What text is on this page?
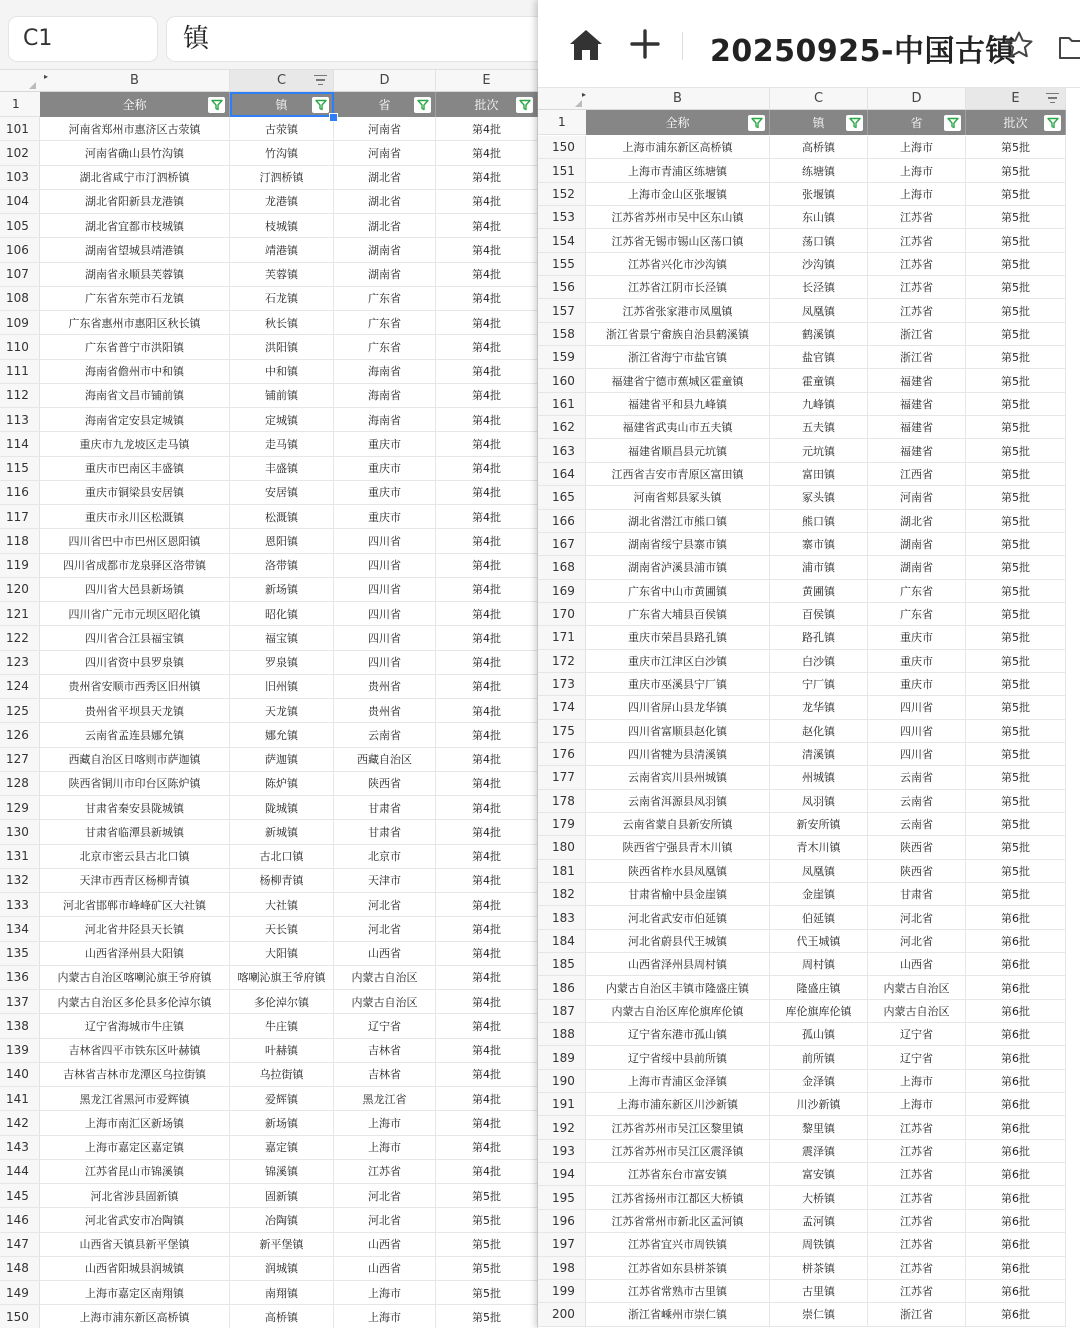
C1	镇
▸	B	C	D	E
1	全称	镇	省	批次
101	河南省郑州市惠济区古荥镇	古荥镇	河南省	第4批
102	河南省确山县竹沟镇	竹沟镇	河南省	第4批
103	湖北省咸宁市汀泗桥镇	汀泗桥镇	湖北省	第4批
104	湖北省阳新县龙港镇	龙港镇	湖北省	第4批
105	湖北省宜都市枝城镇	枝城镇	湖北省	第4批
106	湖南省望城县靖港镇	靖港镇	湖南省	第4批
107	湖南省永顺县芙蓉镇	芙蓉镇	湖南省	第4批
108	广东省东莞市石龙镇	石龙镇	广东省	第4批
109	广东省惠州市惠阳区秋长镇	秋长镇	广东省	第4批
110	广东省普宁市洪阳镇	洪阳镇	广东省	第4批
111	海南省儋州市中和镇	中和镇	海南省	第4批
112	海南省文昌市铺前镇	铺前镇	海南省	第4批
113	海南省定安县定城镇	定城镇	海南省	第4批
114	重庆市九龙坡区走马镇	走马镇	重庆市	第4批
115	重庆市巴南区丰盛镇	丰盛镇	重庆市	第4批
116	重庆市铜梁县安居镇	安居镇	重庆市	第4批
117	重庆市永川区松溉镇	松溉镇	重庆市	第4批
118	四川省巴中市巴州区恩阳镇	恩阳镇	四川省	第4批
119	四川省成都市龙泉驿区洛带镇	洛带镇	四川省	第4批
120	四川省大邑县新场镇	新场镇	四川省	第4批
121	四川省广元市元坝区昭化镇	昭化镇	四川省	第4批
122	四川省合江县福宝镇	福宝镇	四川省	第4批
123	四川省资中县罗泉镇	罗泉镇	四川省	第4批
124	贵州省安顺市西秀区旧州镇	旧州镇	贵州省	第4批
125	贵州省平坝县天龙镇	天龙镇	贵州省	第4批
126	云南省孟连县娜允镇	娜允镇	云南省	第4批
127	西藏自治区日喀则市萨迦镇	萨迦镇	西藏自治区	第4批
128	陕西省铜川市印台区陈炉镇	陈炉镇	陕西省	第4批
129	甘肃省秦安县陇城镇	陇城镇	甘肃省	第4批
130	甘肃省临潭县新城镇	新城镇	甘肃省	第4批
131	北京市密云县古北口镇	古北口镇	北京市	第4批
132	天津市西青区杨柳青镇	杨柳青镇	天津市	第4批
133	河北省邯郸市峰峰矿区大社镇	大社镇	河北省	第4批
134	河北省井陉县天长镇	天长镇	河北省	第4批
135	山西省泽州县大阳镇	大阳镇	山西省	第4批
136	内蒙古自治区喀喇沁旗王爷府镇	喀喇沁旗王爷府镇	内蒙古自治区	第4批
137	内蒙古自治区多伦县多伦淖尔镇	多伦淖尔镇	内蒙古自治区	第4批
138	辽宁省海城市牛庄镇	牛庄镇	辽宁省	第4批
139	吉林省四平市铁东区叶赫镇	叶赫镇	吉林省	第4批
140	吉林省吉林市龙潭区乌拉街镇	乌拉街镇	吉林省	第4批
141	黑龙江省黑河市爱辉镇	爱辉镇	黑龙江省	第4批
142	上海市南汇区新场镇	新场镇	上海市	第4批
143	上海市嘉定区嘉定镇	嘉定镇	上海市	第4批
144	江苏省昆山市锦溪镇	锦溪镇	江苏省	第4批
145	河北省涉县固新镇	固新镇	河北省	第5批
146	河北省武安市冶陶镇	冶陶镇	河北省	第5批
147	山西省天镇县新平堡镇	新平堡镇	山西省	第5批
148	山西省阳城县润城镇	润城镇	山西省	第5批
149	上海市嘉定区南翔镇	南翔镇	上海市	第5批
150	上海市浦东新区高桥镇	高桥镇	上海市	第5批
20250925-中国古镇
▸	B	C	D	E
1	全称	镇	省	批次
150	上海市浦东新区高桥镇	高桥镇	上海市	第5批
151	上海市青浦区练塘镇	练塘镇	上海市	第5批
152	上海市金山区张堰镇	张堰镇	上海市	第5批
153	江苏省苏州市吴中区东山镇	东山镇	江苏省	第5批
154	江苏省无锡市锡山区荡口镇	荡口镇	江苏省	第5批
155	江苏省兴化市沙沟镇	沙沟镇	江苏省	第5批
156	江苏省江阴市长泾镇	长泾镇	江苏省	第5批
157	江苏省张家港市凤凰镇	凤凰镇	江苏省	第5批
158	浙江省景宁畲族自治县鹤溪镇	鹤溪镇	浙江省	第5批
159	浙江省海宁市盐官镇	盐官镇	浙江省	第5批
160	福建省宁德市蕉城区霍童镇	霍童镇	福建省	第5批
161	福建省平和县九峰镇	九峰镇	福建省	第5批
162	福建省武夷山市五夫镇	五夫镇	福建省	第5批
163	福建省顺昌县元坑镇	元坑镇	福建省	第5批
164	江西省吉安市青原区富田镇	富田镇	江西省	第5批
165	河南省郏县冢头镇	冢头镇	河南省	第5批
166	湖北省潜江市熊口镇	熊口镇	湖北省	第5批
167	湖南省绥宁县寨市镇	寨市镇	湖南省	第5批
168	湖南省泸溪县浦市镇	浦市镇	湖南省	第5批
169	广东省中山市黄圃镇	黄圃镇	广东省	第5批
170	广东省大埔县百侯镇	百侯镇	广东省	第5批
171	重庆市荣昌县路孔镇	路孔镇	重庆市	第5批
172	重庆市江津区白沙镇	白沙镇	重庆市	第5批
173	重庆市巫溪县宁厂镇	宁厂镇	重庆市	第5批
174	四川省屏山县龙华镇	龙华镇	四川省	第5批
175	四川省富顺县赵化镇	赵化镇	四川省	第5批
176	四川省犍为县清溪镇	清溪镇	四川省	第5批
177	云南省宾川县州城镇	州城镇	云南省	第5批
178	云南省洱源县凤羽镇	凤羽镇	云南省	第5批
179	云南省蒙自县新安所镇	新安所镇	云南省	第5批
180	陕西省宁强县青木川镇	青木川镇	陕西省	第5批
181	陕西省柞水县凤凰镇	凤凰镇	陕西省	第5批
182	甘肃省榆中县金崖镇	金崖镇	甘肃省	第5批
183	河北省武安市伯延镇	伯延镇	河北省	第6批
184	河北省蔚县代王城镇	代王城镇	河北省	第6批
185	山西省泽州县周村镇	周村镇	山西省	第6批
186	内蒙古自治区丰镇市隆盛庄镇	隆盛庄镇	内蒙古自治区	第6批
187	内蒙古自治区库伦旗库伦镇	库伦旗库伦镇	内蒙古自治区	第6批
188	辽宁省东港市孤山镇	孤山镇	辽宁省	第6批
189	辽宁省绥中县前所镇	前所镇	辽宁省	第6批
190	上海市青浦区金泽镇	金泽镇	上海市	第6批
191	上海市浦东新区川沙新镇	川沙新镇	上海市	第6批
192	江苏省苏州市吴江区黎里镇	黎里镇	江苏省	第6批
193	江苏省苏州市吴江区震泽镇	震泽镇	江苏省	第6批
194	江苏省东台市富安镇	富安镇	江苏省	第6批
195	江苏省扬州市江都区大桥镇	大桥镇	江苏省	第6批
196	江苏省常州市新北区孟河镇	孟河镇	江苏省	第6批
197	江苏省宜兴市周铁镇	周铁镇	江苏省	第6批
198	江苏省如东县栟茶镇	栟茶镇	江苏省	第6批
199	江苏省常熟市古里镇	古里镇	江苏省	第6批
200	浙江省嵊州市崇仁镇	崇仁镇	浙江省	第6批
